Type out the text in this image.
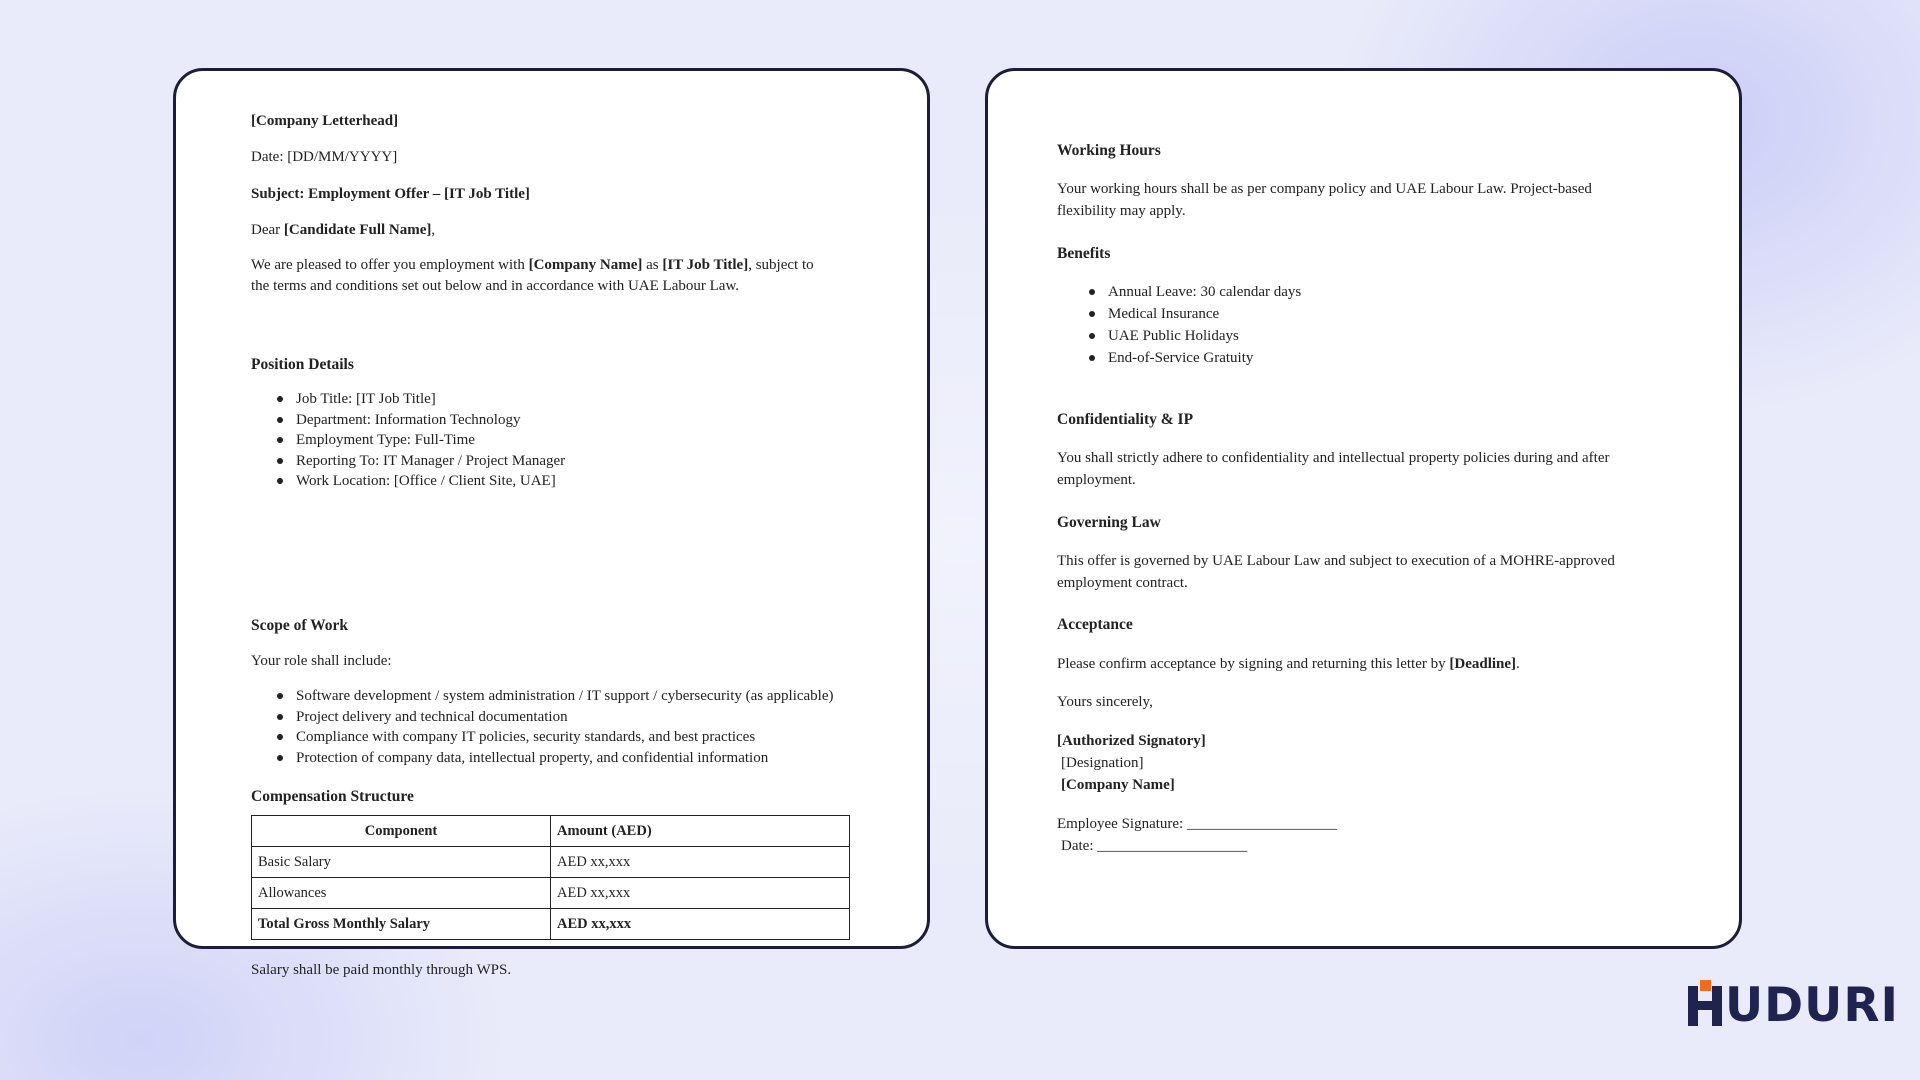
[Company Letterhead]
Date: [DD/MM/YYYY]
Subject: Employment Offer – [IT Job Title]
Dear [Candidate Full Name],
We are pleased to offer you employment with [Company Name] as [IT Job Title], subject to
the terms and conditions set out below and in accordance with UAE Labour Law.
Position Details
Job Title: [IT Job Title]
Department: Information Technology
Employment Type: Full-Time
Reporting To: IT Manager / Project Manager
Work Location: [Office / Client Site, UAE]
Scope of Work
Your role shall include:
Software development / system administration / IT support / cybersecurity (as applicable)
Project delivery and technical documentation
Compliance with company IT policies, security standards, and best practices
Protection of company data, intellectual property, and confidential information
Compensation Structure
Component	Amount (AED)
Basic Salary	AED xx,xxx
Allowances	AED xx,xxx
Total Gross Monthly Salary	AED xx,xxx
Salary shall be paid monthly through WPS.
Working Hours
Your working hours shall be as per company policy and UAE Labour Law. Project-based
flexibility may apply.
Benefits
Annual Leave: 30 calendar days
Medical Insurance
UAE Public Holidays
End-of-Service Gratuity
Confidentiality & IP
You shall strictly adhere to confidentiality and intellectual property policies during and after
employment.
Governing Law
This offer is governed by UAE Labour Law and subject to execution of a MOHRE-approved
employment contract.
Acceptance
Please confirm acceptance by signing and returning this letter by [Deadline].
Yours sincerely,
[Authorized Signatory]
[Designation]
[Company Name]
Employee Signature: ____________________
Date: ____________________
UDURI
